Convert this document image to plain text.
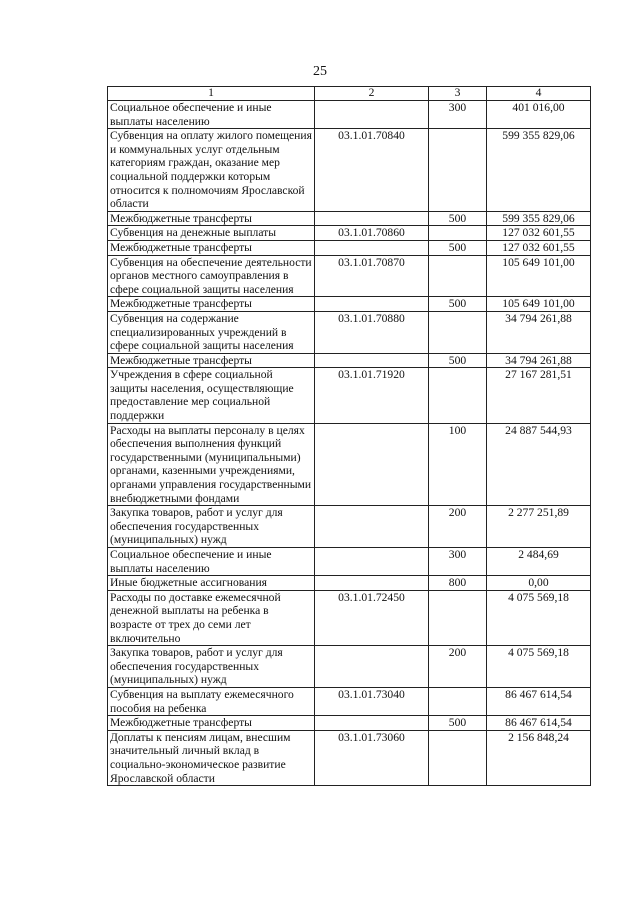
25
1	2	3	4
Социальное обеспечение и иные выплаты населению		300	401 016,00
Субвенция на оплату жилого помещения и коммунальных услуг отдельным категориям граждан, оказание мер социальной поддержки которым относится к полномочиям Ярославской области	03.1.01.70840		599 355 829,06
Межбюджетные трансферты		500	599 355 829,06
Субвенция на денежные выплаты	03.1.01.70860		127 032 601,55
Межбюджетные трансферты		500	127 032 601,55
Субвенция на обеспечение деятельности органов местного самоуправления в сфере социальной защиты населения	03.1.01.70870		105 649 101,00
Межбюджетные трансферты		500	105 649 101,00
Субвенция на содержание специализированных учреждений в сфере социальной защиты населения	03.1.01.70880		34 794 261,88
Межбюджетные трансферты		500	34 794 261,88
Учреждения в сфере социальной защиты населения, осуществляющие предоставление мер социальной поддержки	03.1.01.71920		27 167 281,51
Расходы на выплаты персоналу в целях обеспечения выполнения функций государственными (муниципальными) органами, казенными учреждениями, органами управления государственными внебюджетными фондами		100	24 887 544,93
Закупка товаров, работ и услуг для обеспечения государственных (муниципальных) нужд		200	2 277 251,89
Социальное обеспечение и иные выплаты населению		300	2 484,69
Иные бюджетные ассигнования		800	0,00
Расходы по доставке ежемесячной денежной выплаты на ребенка в возрасте от трех до семи лет включительно	03.1.01.72450		4 075 569,18
Закупка товаров, работ и услуг для обеспечения государственных (муниципальных) нужд		200	4 075 569,18
Субвенция на выплату ежемесячного пособия на ребенка	03.1.01.73040		86 467 614,54
Межбюджетные трансферты		500	86 467 614,54
Доплаты к пенсиям лицам, внесшим значительный личный вклад в социально-экономическое развитие Ярославской области	03.1.01.73060		2 156 848,24
